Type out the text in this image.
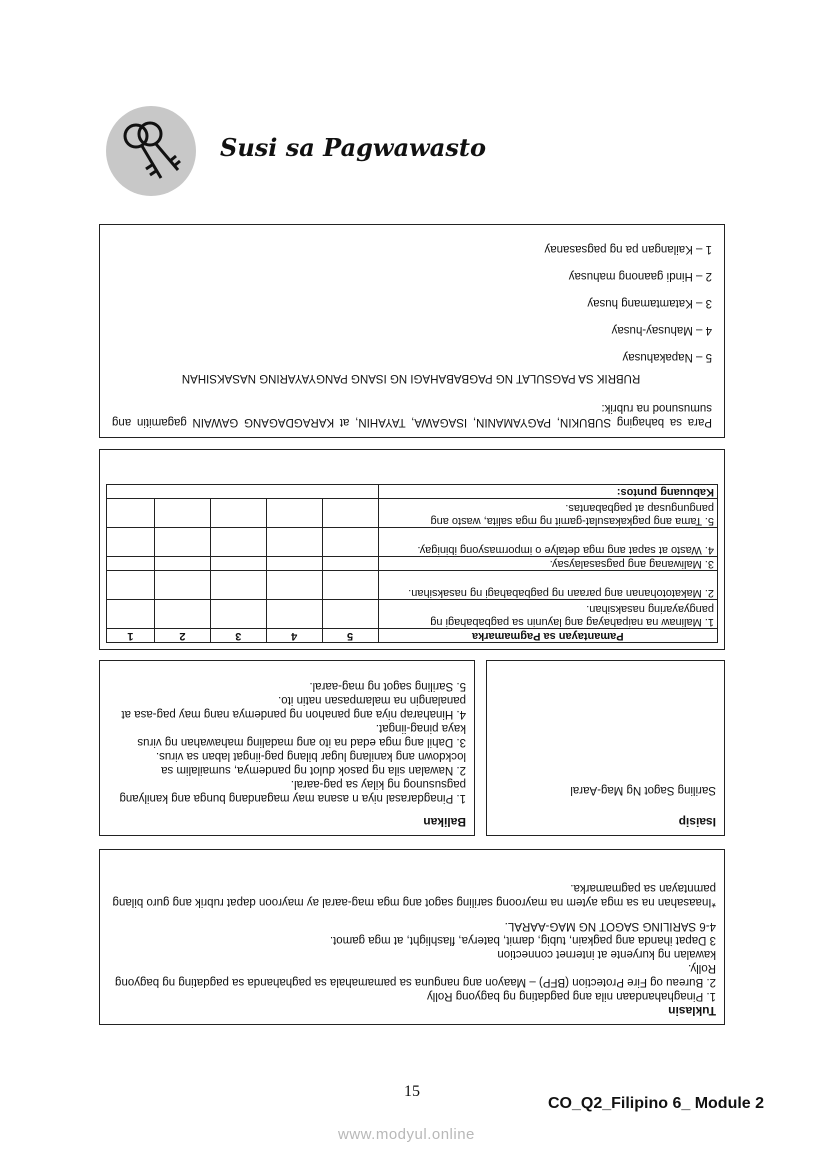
Susi sa Pagwawasto
Para sa bahaging SUBUKIN, PAGYAMANIN, ISAGAWA, TAYAHIN, at KARAGDAGANG GAWAIN gagamitin ang sumusunod na rubrik:
RUBRIK SA PAGSULAT NG PAGBABAHAGI NG ISANG PANGYAYARING NASAKSIHAN
5 – Napakahusay
4 – Mahusay-husay
3 – Katamtamang husay
2 – Hindi gaanong mahusay
1 – Kailangan pa ng pagsasanay
Pamantayan sa Pagmamarka	5	4	3	2	1
1. Malinaw na naipahayag ang layunin sa pagbabahagi ng pangyayaring nasaksihan.					
2. Makatotohanan ang paraan ng pagbabahagi ng nasaksihan.					
3. Maliwanag ang pagsasalaysay.					
4. Wasto at sapat ang mga detalye o impormasyong ibinigay.					
5. Tama ang pagkakasulat-gamit ng mga salita, wasto ang pangungusap at pagbabantas.					
Kabuuang puntos:					
Balikan
1. Pinagdarasal niya n asana may magandang bunga ang kanilyang pagsusunog ng kilay sa pag-aaral.
2. Nawalan sila ng pasok dulot ng pandemya, sumailalim sa lockdown ang kanilang lugar bilang pag-iingat laban sa virus.
3. Dahil ang mga edad na ito ang madaling mahawahan ng virus kaya pinag-iingat.
4. Hinaharap niya ang panahon ng pandemya nang may pag-asa at panalangin na malampasan natin ito.
5. Sariling sagot ng mag-aaral.
Isaisip
Sariling Sagot Ng Mag-Aaral
Tuklasin
1. Pinaghahandaan nila ang pagdating ng bagyong Rolly
2. Bureau og Fire Protection (BFP) – Maayon ang nanguna sa pamamahala sa paghahanda sa pagdating ng bagyong Rolly.
kawalan ng kuryente at internet connection
3 Dapat ihanda ang pagkain, tubig, damit, baterya, flashlight, at mga gamot.
4-6 SARILING SAGOT NG MAG-AARAL.
*Inaasahan na sa mga aytem na mayroong sariling sagot ang mga mag-aaral ay mayroon dapat rubrik ang guro bilang pamntayan sa pagmamarka.
15
CO_Q2_Filipino 6_ Module 2
www.modyul.online
